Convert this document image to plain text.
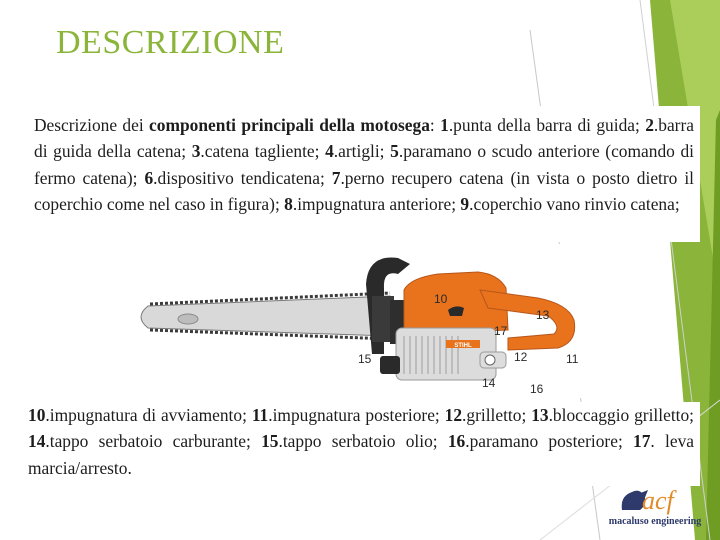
DESCRIZIONE

Descrizione dei componenti principali della motosega: 1.punta della barra di guida; 2.barra di guida della catena; 3.catena tagliente; 4.artigli; 5.paramano o scudo anteriore (comando di fermo catena); 6.dispositivo tendicatena; 7.perno recupero catena (in vista o posto dietro il coperchio come nel caso in figura); 8.impugnatura anteriore; 9.coperchio vano rinvio catena;

STIHL
10
13
17
15	12	11
14	16

10.impugnatura di avviamento; 11.impugnatura posteriore; 12.grilletto; 13.bloccaggio grilletto; 14.tappo serbatoio carburante; 15.tappo serbatoio olio; 16.paramano posteriore; 17. leva marcia/arresto.

acf
macaluso engineering
